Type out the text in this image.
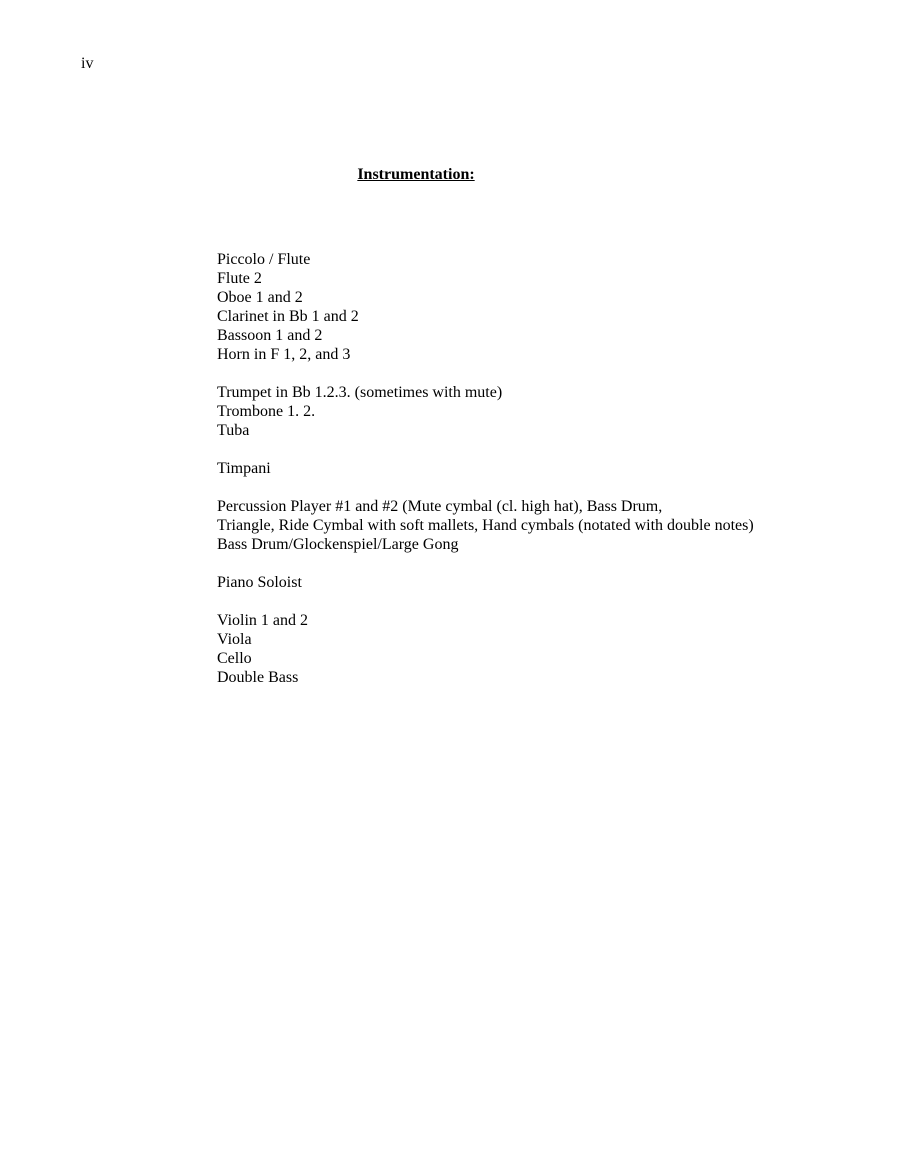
iv
Instrumentation:
Piccolo / Flute
Flute 2
Oboe 1 and 2
Clarinet in Bb 1 and 2
Bassoon 1 and 2
Horn in F 1, 2, and 3
Trumpet in Bb 1.2.3. (sometimes with mute)
Trombone 1. 2.
Tuba
Timpani
Percussion Player #1 and #2 (Mute cymbal (cl. high hat), Bass Drum,
Triangle, Ride Cymbal with soft mallets, Hand cymbals (notated with double notes)
Bass Drum/Glockenspiel/Large Gong
Piano Soloist
Violin 1 and 2
Viola
Cello
Double Bass
